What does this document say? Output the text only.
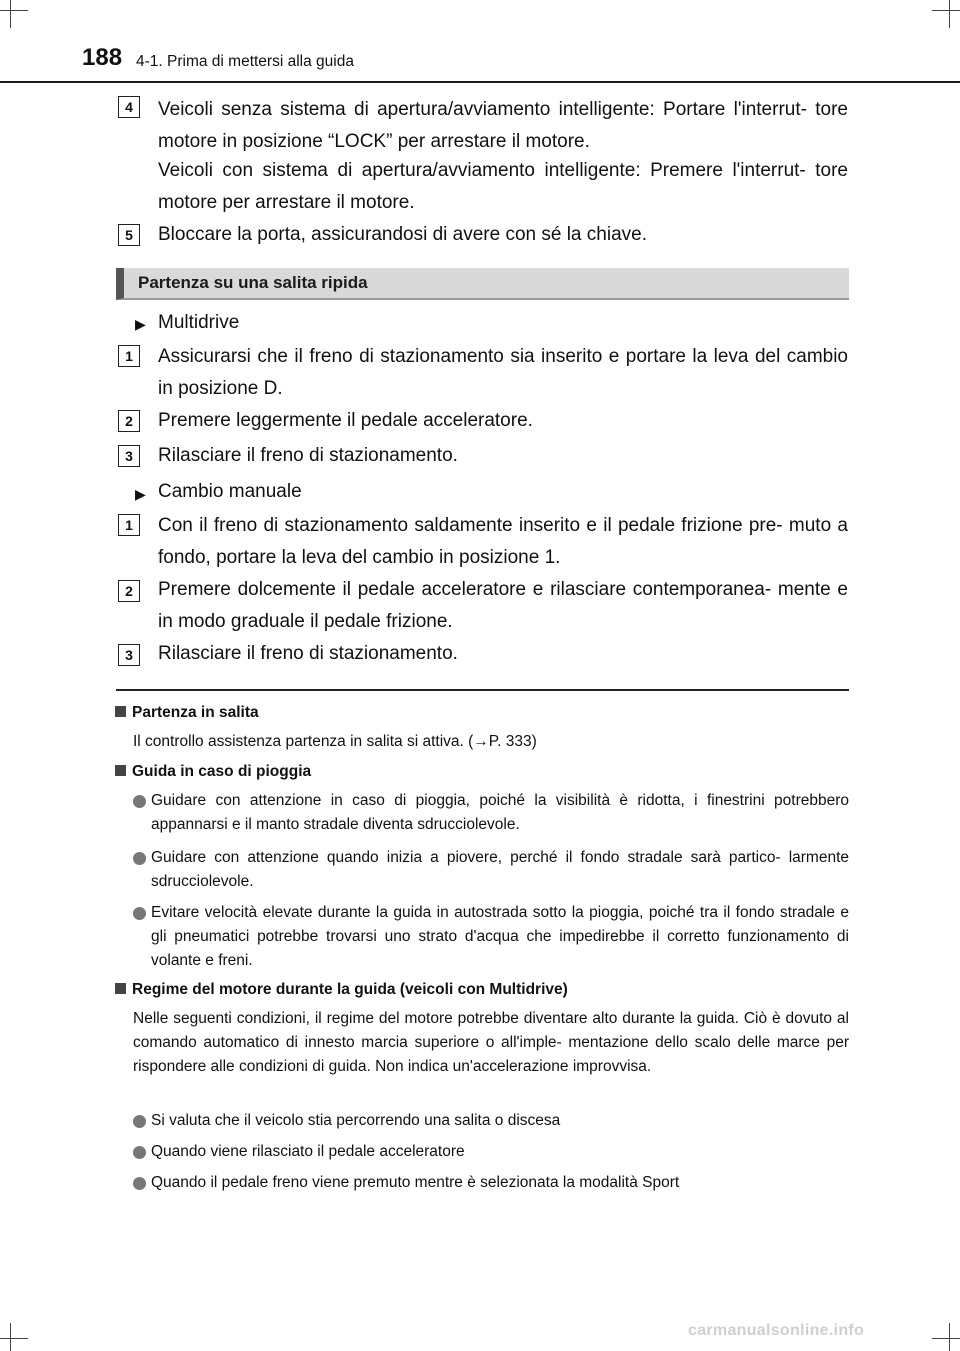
188 4-1. Prima di mettersi alla guida
4	Veicoli senza sistema di apertura/avviamento intelligente: Portare l'interrut- tore motore in posizione “LOCK” per arrestare il motore.
Veicoli con sistema di apertura/avviamento intelligente: Premere l'interrut- tore motore per arrestare il motore.
5	Bloccare la porta, assicurandosi di avere con sé la chiave.
Partenza su una salita ripida
▶ Multidrive
1	Assicurarsi che il freno di stazionamento sia inserito e portare la leva del cambio in posizione D.
2	Premere leggermente il pedale acceleratore.
3	Rilasciare il freno di stazionamento.
▶ Cambio manuale
1	Con il freno di stazionamento saldamente inserito e il pedale frizione pre- muto a fondo, portare la leva del cambio in posizione 1.
2	Premere dolcemente il pedale acceleratore e rilasciare contemporanea- mente e in modo graduale il pedale frizione.
3	Rilasciare il freno di stazionamento.
Partenza in salita
Il controllo assistenza partenza in salita si attiva. (→P. 333)
Guida in caso di pioggia
Guidare con attenzione in caso di pioggia, poiché la visibilità è ridotta, i finestrini potrebbero appannarsi e il manto stradale diventa sdrucciolevole.
Guidare con attenzione quando inizia a piovere, perché il fondo stradale sarà partico- larmente sdrucciolevole.
Evitare velocità elevate durante la guida in autostrada sotto la pioggia, poiché tra il fondo stradale e gli pneumatici potrebbe trovarsi uno strato d'acqua che impedirebbe il corretto funzionamento di volante e freni.
Regime del motore durante la guida (veicoli con Multidrive)
Nelle seguenti condizioni, il regime del motore potrebbe diventare alto durante la guida. Ciò è dovuto al comando automatico di innesto marcia superiore o all'imple- mentazione dello scalo delle marce per rispondere alle condizioni di guida. Non indica un'accelerazione improvvisa.
Si valuta che il veicolo stia percorrendo una salita o discesa
Quando viene rilasciato il pedale acceleratore
Quando il pedale freno viene premuto mentre è selezionata la modalità Sport
carmanualsonline.info
